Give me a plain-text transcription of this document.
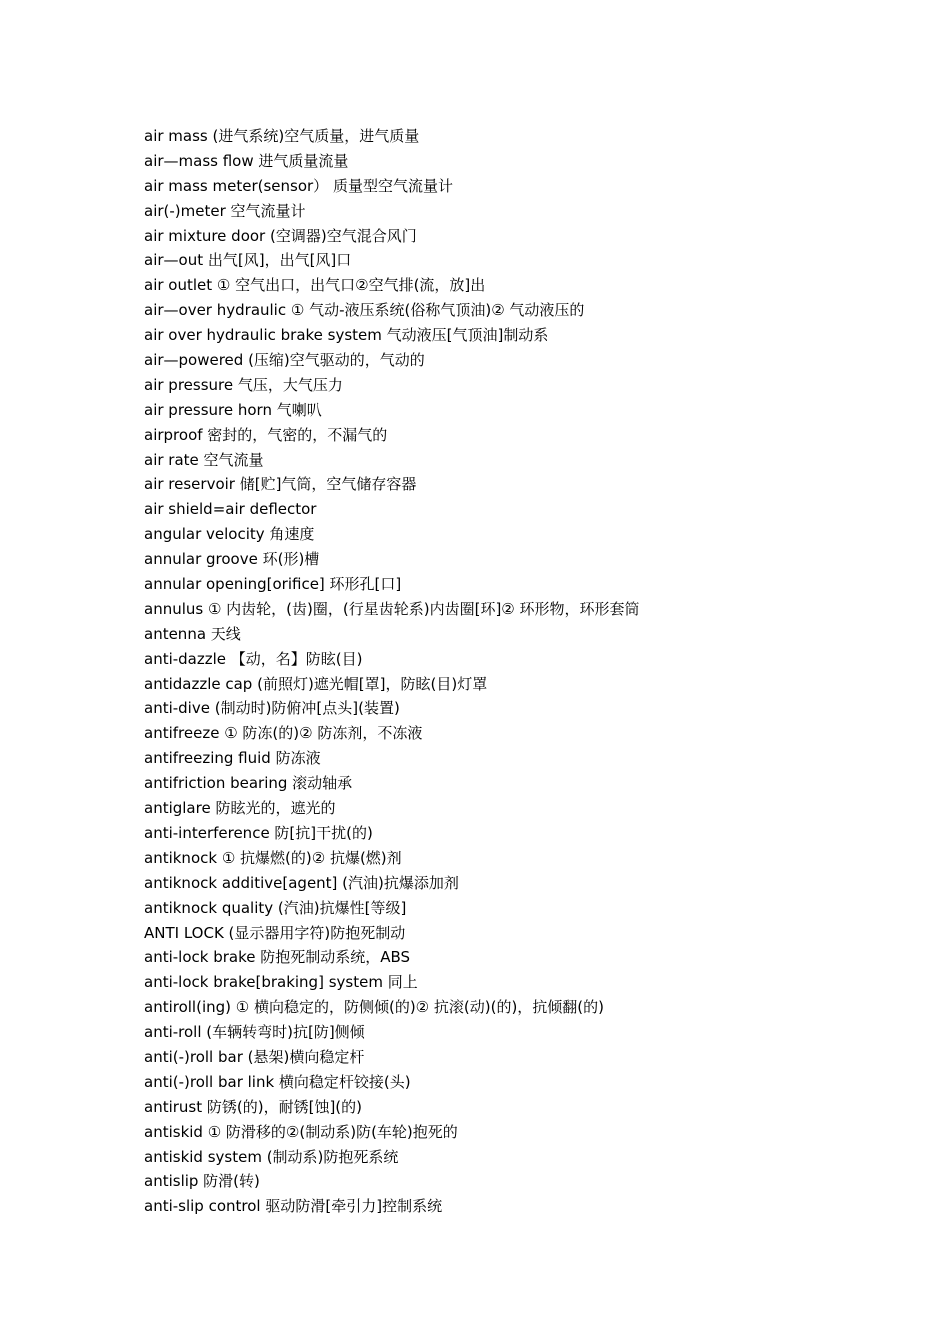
air mass (进气系统)空气质量，进气质量
air—mass flow 进气质量流量
air mass meter(sensor） 质量型空气流量计
air(-)meter 空气流量计
air mixture door (空调器)空气混合风门
air—out 出气[风]，出气[风]口
air outlet ① 空气出口，出气口②空气排(流，放]出
air—over hydraulic ① 气动-液压系统(俗称气顶油)② 气动液压的
air over hydraulic brake system 气动液压[气顶油]制动系
air—powered (压缩)空气驱动的，气动的
air pressure 气压，大气压力
air pressure horn 气喇叭
airproof 密封的，气密的，不漏气的
air rate 空气流量
air reservoir 储[贮]气筒，空气储存容器
air shield=air deflector
angular velocity 角速度
annular groove 环(形)槽
annular opening[orifice] 环形孔[口]
annulus ① 内齿轮，(齿)圈，(行星齿轮系)内齿圈[环]② 环形物，环形套筒
antenna 天线
anti-dazzle 【动，名】防眩(目)
antidazzle cap (前照灯)遮光帽[罩]，防眩(目)灯罩
anti-dive (制动时)防俯冲[点头](装置)
antifreeze ① 防冻(的)② 防冻剂，不冻液
antifreezing fluid 防冻液
antifriction bearing 滚动轴承
antiglare 防眩光的，遮光的
anti-interference 防[抗]干扰(的)
antiknock ① 抗爆燃(的)② 抗爆(燃)剂
antiknock additive[agent] (汽油)抗爆添加剂
antiknock quality (汽油)抗爆性[等级]
ANTI LOCK (显示器用字符)防抱死制动
anti-lock brake 防抱死制动系统，ABS
anti-lock brake[braking] system 同上
antiroll(ing) ① 横向稳定的，防侧倾(的)② 抗滚(动)(的)，抗倾翻(的)
anti-roll (车辆转弯时)抗[防]侧倾
anti(-)roll bar (悬架)横向稳定杆
anti(-)roll bar link 横向稳定杆铰接(头)
antirust 防锈(的)，耐锈[蚀](的)
antiskid ① 防滑移的②(制动系)防(车轮)抱死的
antiskid system (制动系)防抱死系统
antislip 防滑(转)
anti-slip control 驱动防滑[牵引力]控制系统
